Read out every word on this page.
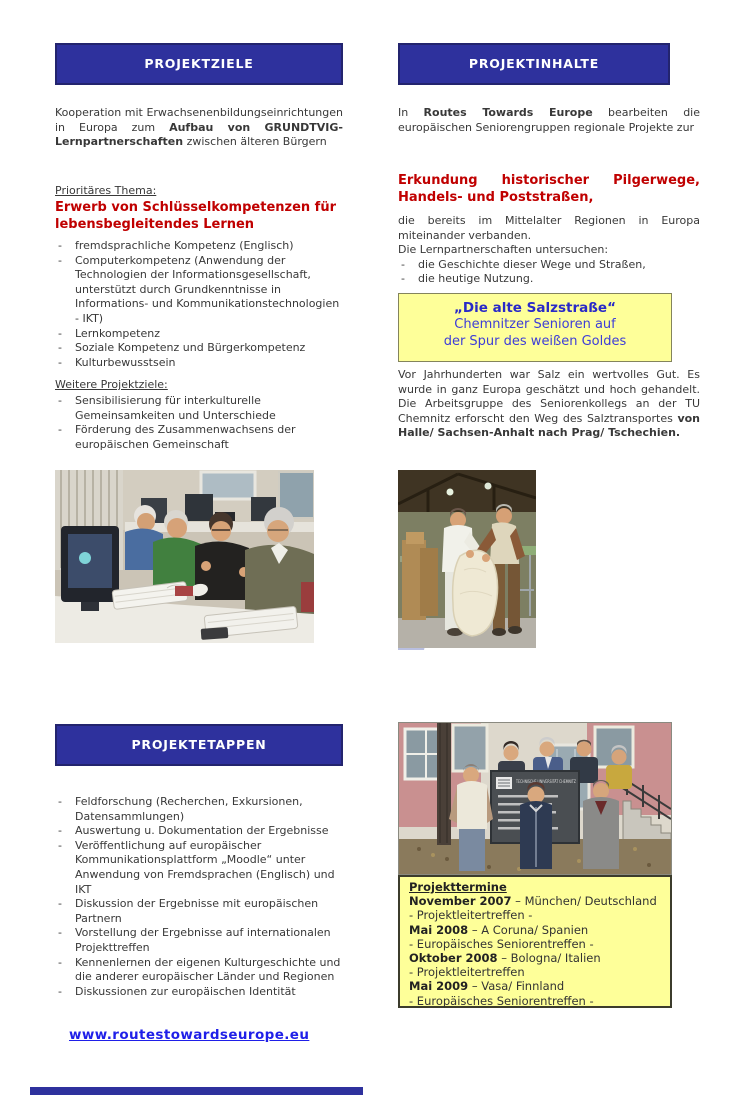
PROJEKTZIELE

Kooperation mit Erwachsenenbildungseinrichtungen in Europa zum Aufbau von GRUNDTVIG- Lernpartnerschaften zwischen älteren Bürgern

Prioritäres Thema:
Erwerb von Schlüsselkompetenzen für lebensbegleitendes Lernen
-	fremdsprachliche Kompetenz (Englisch)
-	Computerkompetenz (Anwendung der Technologien der Informationsgesellschaft, unterstützt durch Grundkenntnisse in Informations- und Kommunikationstechnologien - IKT)
-	Lernkompetenz
-	Soziale Kompetenz und Bürgerkompetenz
-	Kulturbewusstsein
Weitere Projektziele:
-	Sensibilisierung für interkulturelle Gemeinsamkeiten und Unterschiede
-	Förderung des Zusammenwachsens der europäischen Gemeinschaft
PROJEKTETAPPEN
-	Feldforschung (Recherchen, Exkursionen, Datensammlungen)
-	Auswertung u. Dokumentation der Ergebnisse
-	Veröffentlichung auf europäischer Kommunikationsplattform „Moodle“ unter Anwendung von Fremdsprachen (Englisch) und IKT
-	Diskussion der Ergebnisse mit europäischen Partnern
-	Vorstellung der Ergebnisse auf internationalen Projekttreffen
-	Kennenlernen der eigenen Kulturgeschichte und die anderer europäischer Länder und Regionen
-	Diskussionen zur europäischen Identität
www.routestowardseurope.eu
PROJEKTINHALTE

In Routes Towards Europe bearbeiten die europäischen Seniorengruppen regionale Projekte zur

Erkundung historischer Pilgerwege, Handels- und Poststraßen,

die bereits im Mittelalter Regionen in Europa miteinander verbanden.

Die Lernpartnerschaften untersuchen:

-	die Geschichte dieser Wege und Straßen,
-	die heutige Nutzung.
„Die alte Salzstraße“
Chemnitzer Senioren auf
der Spur des weißen Goldes

Vor Jahrhunderten war Salz ein wertvolles Gut. Es wurde in ganz Europa geschätzt und hoch gehandelt. Die Arbeitsgruppe des Seniorenkollegs an der TU Chemnitz erforscht den Weg des Salztransportes von Halle/ Sachsen-Anhalt nach Prag/ Tschechien.

TECHNISCHE UNIVERSITÄT CHEMNITZ
Projekttermine
November 2007 – München/ Deutschland
- Projektleitertreffen -
Mai 2008 – A Coruna/ Spanien
- Europäisches Seniorentreffen -
Oktober 2008 – Bologna/ Italien
- Projektleitertreffen
Mai 2009 – Vasa/ Finnland
- Europäisches Seniorentreffen -
